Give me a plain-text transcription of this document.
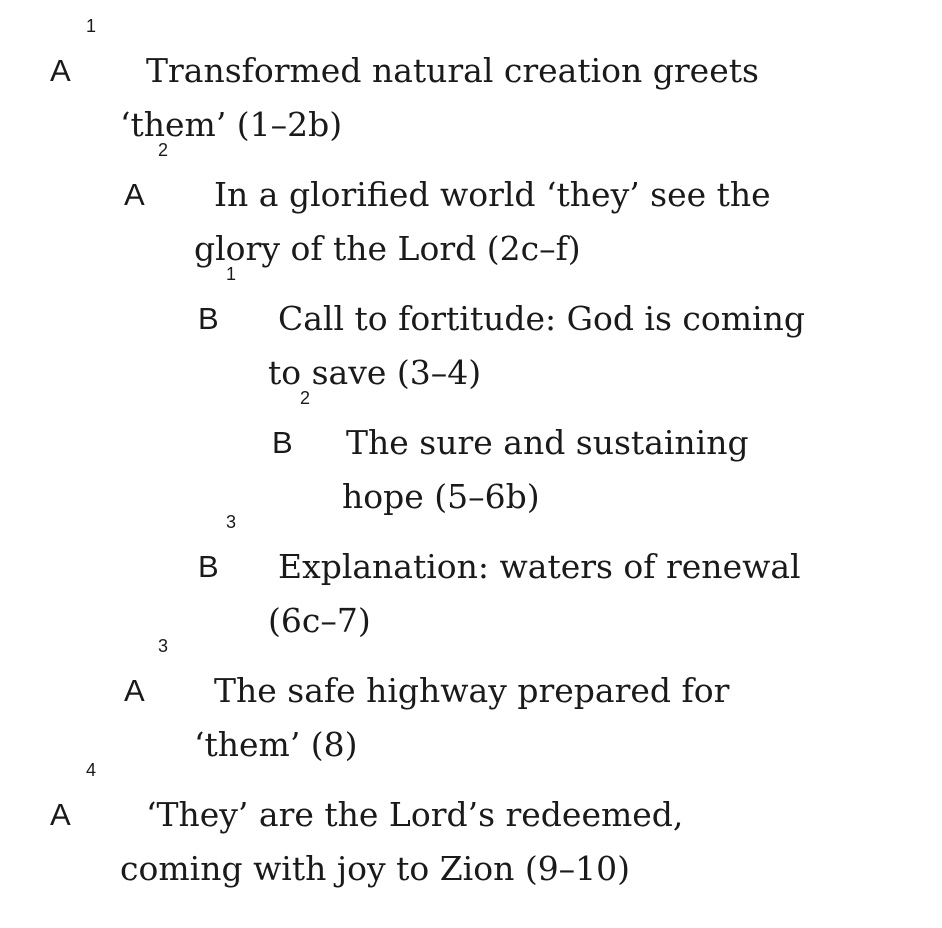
A
1
Transformed natural creation greets
‘them’ (1–2b)
A
2
In a glorified world ‘they’ see the
glory of the Lord (2c–f)
B
1
Call to fortitude: God is coming
to save (3–4)
B
2
The sure and sustaining
hope (5–6b)
B
3
Explanation: waters of renewal
(6c–7)
A
3
The safe highway prepared for
‘them’ (8)
A
4
‘They’ are the Lord’s redeemed,
coming with joy to Zion (9–10)
